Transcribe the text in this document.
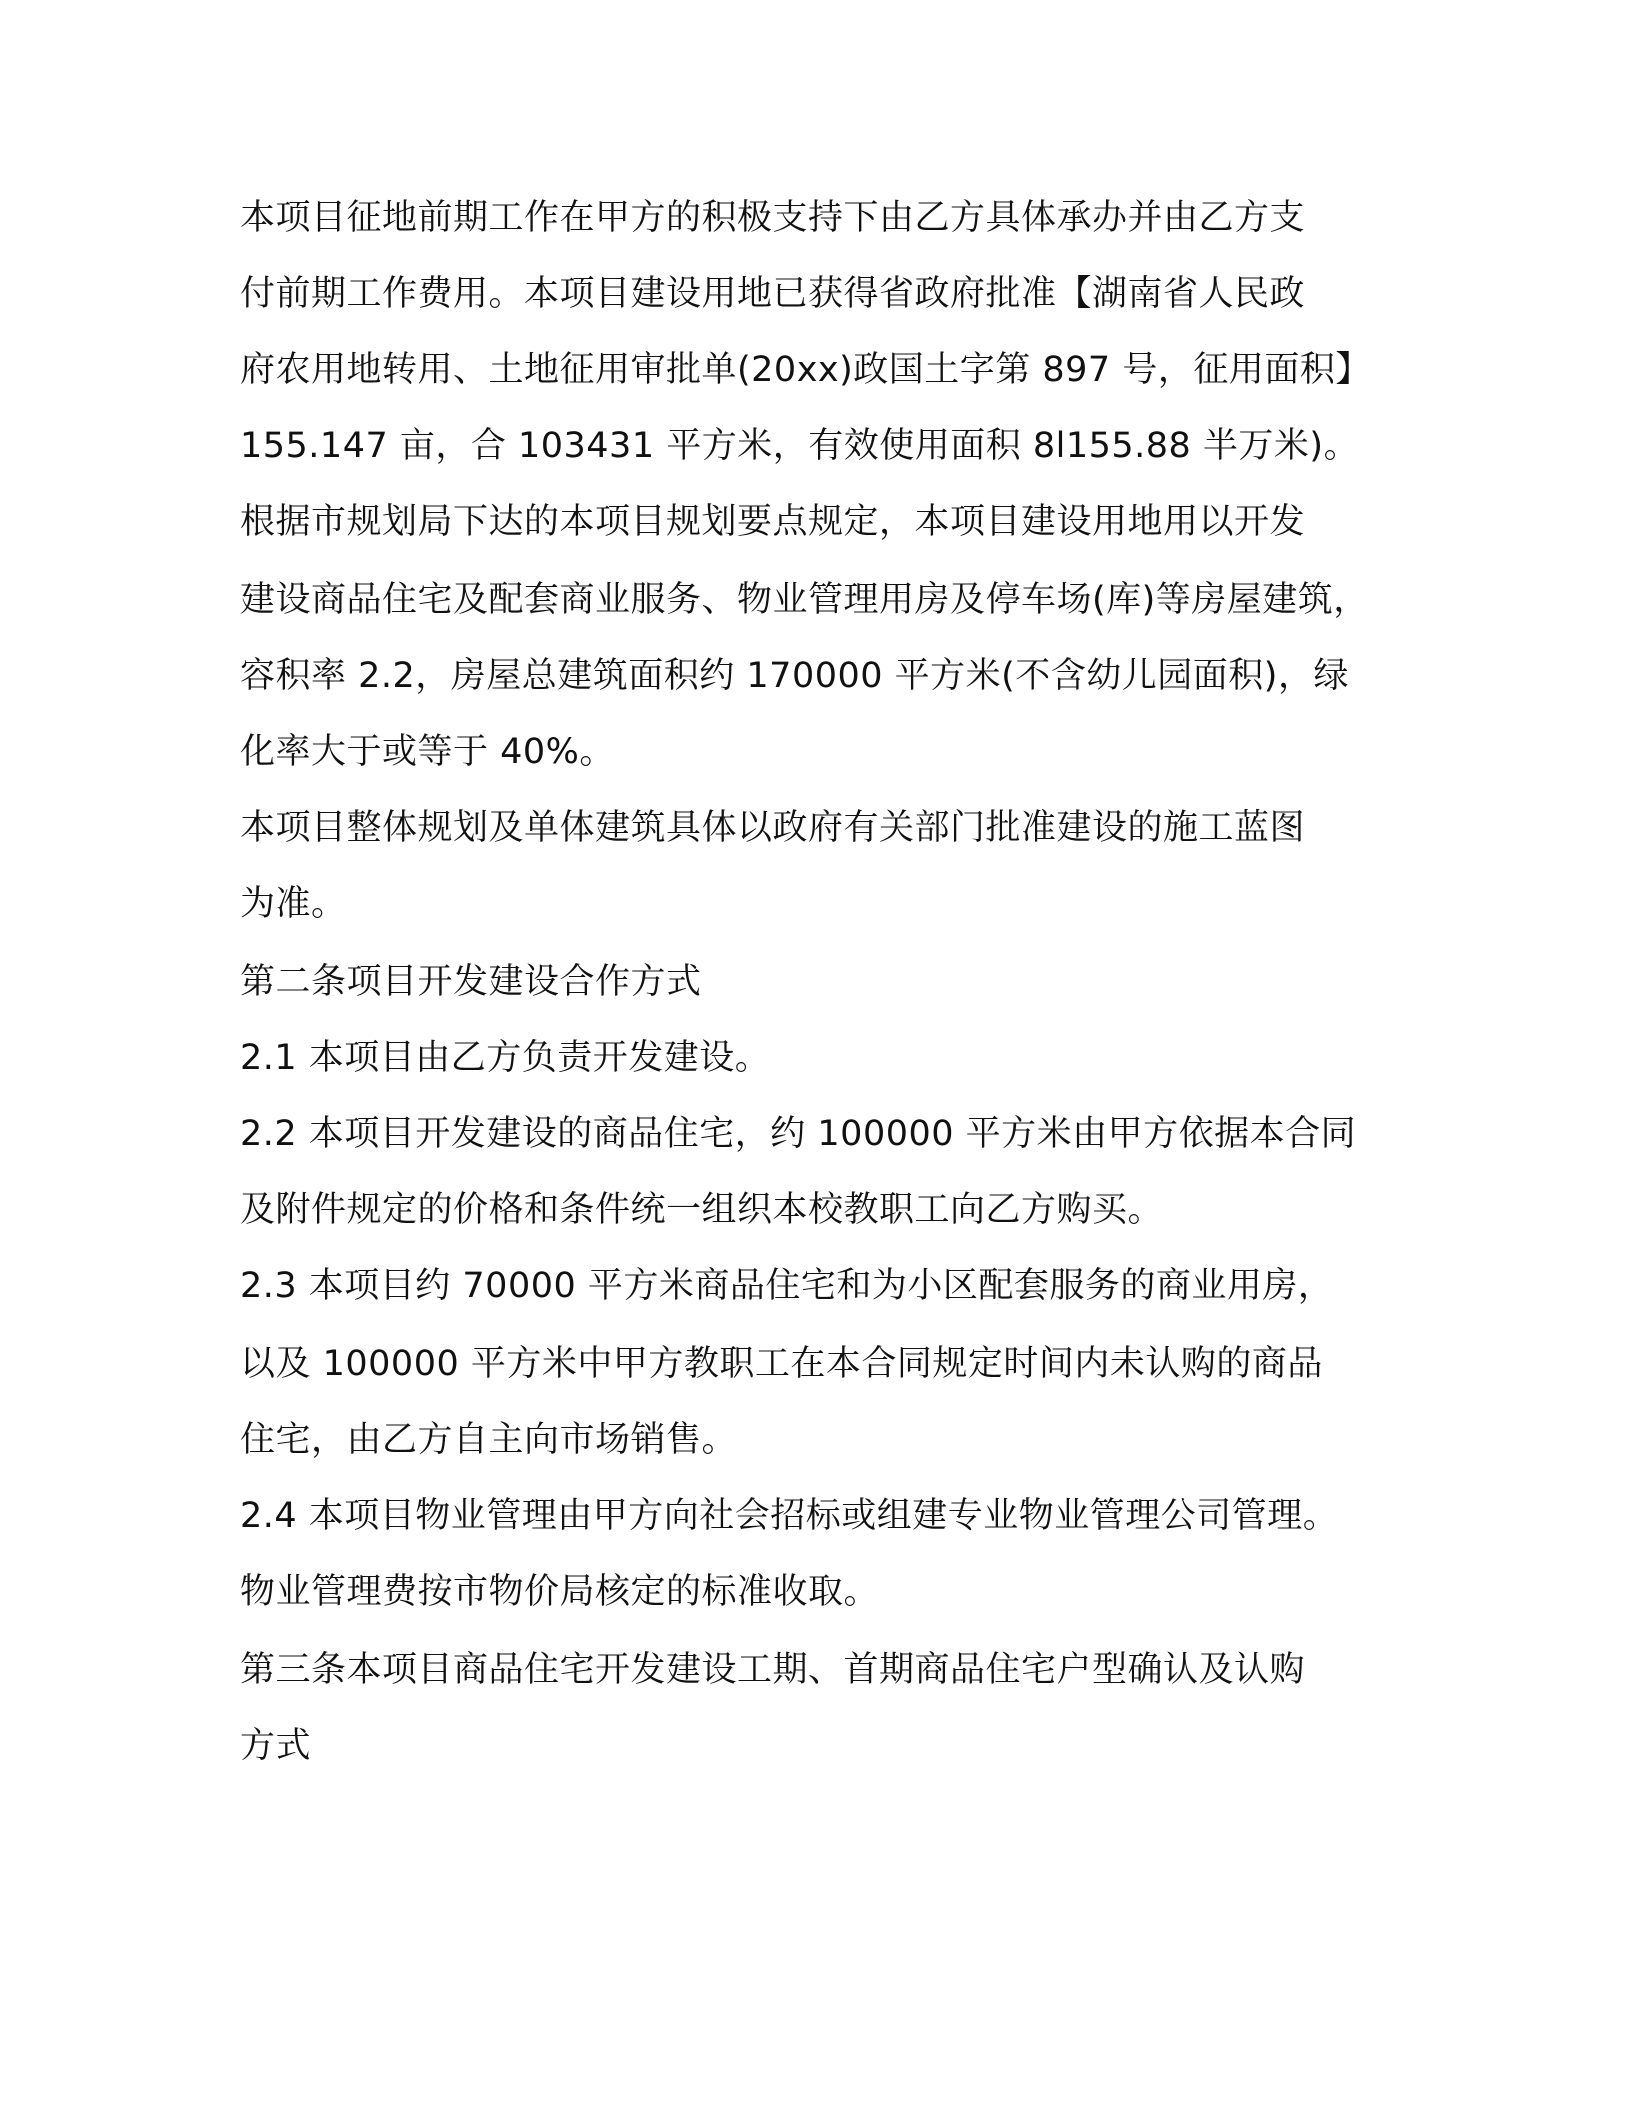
本项目征地前期工作在甲方的积极支持下由乙方具体承办并由乙方支

付前期工作费用。本项目建设用地已获得省政府批准【湖南省人民政

府农用地转用、土地征用审批单(20xx)政国土字第 897 号，征用面积】

155.147 亩，合 103431 平方米，有效使用面积 8l155.88 半万米)。

根据市规划局下达的本项目规划要点规定，本项目建设用地用以开发

建设商品住宅及配套商业服务、物业管理用房及停车场(库)等房屋建筑，

容积率 2.2，房屋总建筑面积约 170000 平方米(不含幼儿园面积)，绿

化率大于或等于 40%。

本项目整体规划及单体建筑具体以政府有关部门批准建设的施工蓝图

为准。

第二条项目开发建设合作方式

2.1 本项目由乙方负责开发建设。

2.2 本项目开发建设的商品住宅，约 100000 平方米由甲方依据本合同

及附件规定的价格和条件统一组织本校教职工向乙方购买。

2.3 本项目约 70000 平方米商品住宅和为小区配套服务的商业用房，

以及 100000 平方米中甲方教职工在本合同规定时间内未认购的商品

住宅，由乙方自主向市场销售。

2.4 本项目物业管理由甲方向社会招标或组建专业物业管理公司管理。

物业管理费按市物价局核定的标准收取。

第三条本项目商品住宅开发建设工期、首期商品住宅户型确认及认购

方式
